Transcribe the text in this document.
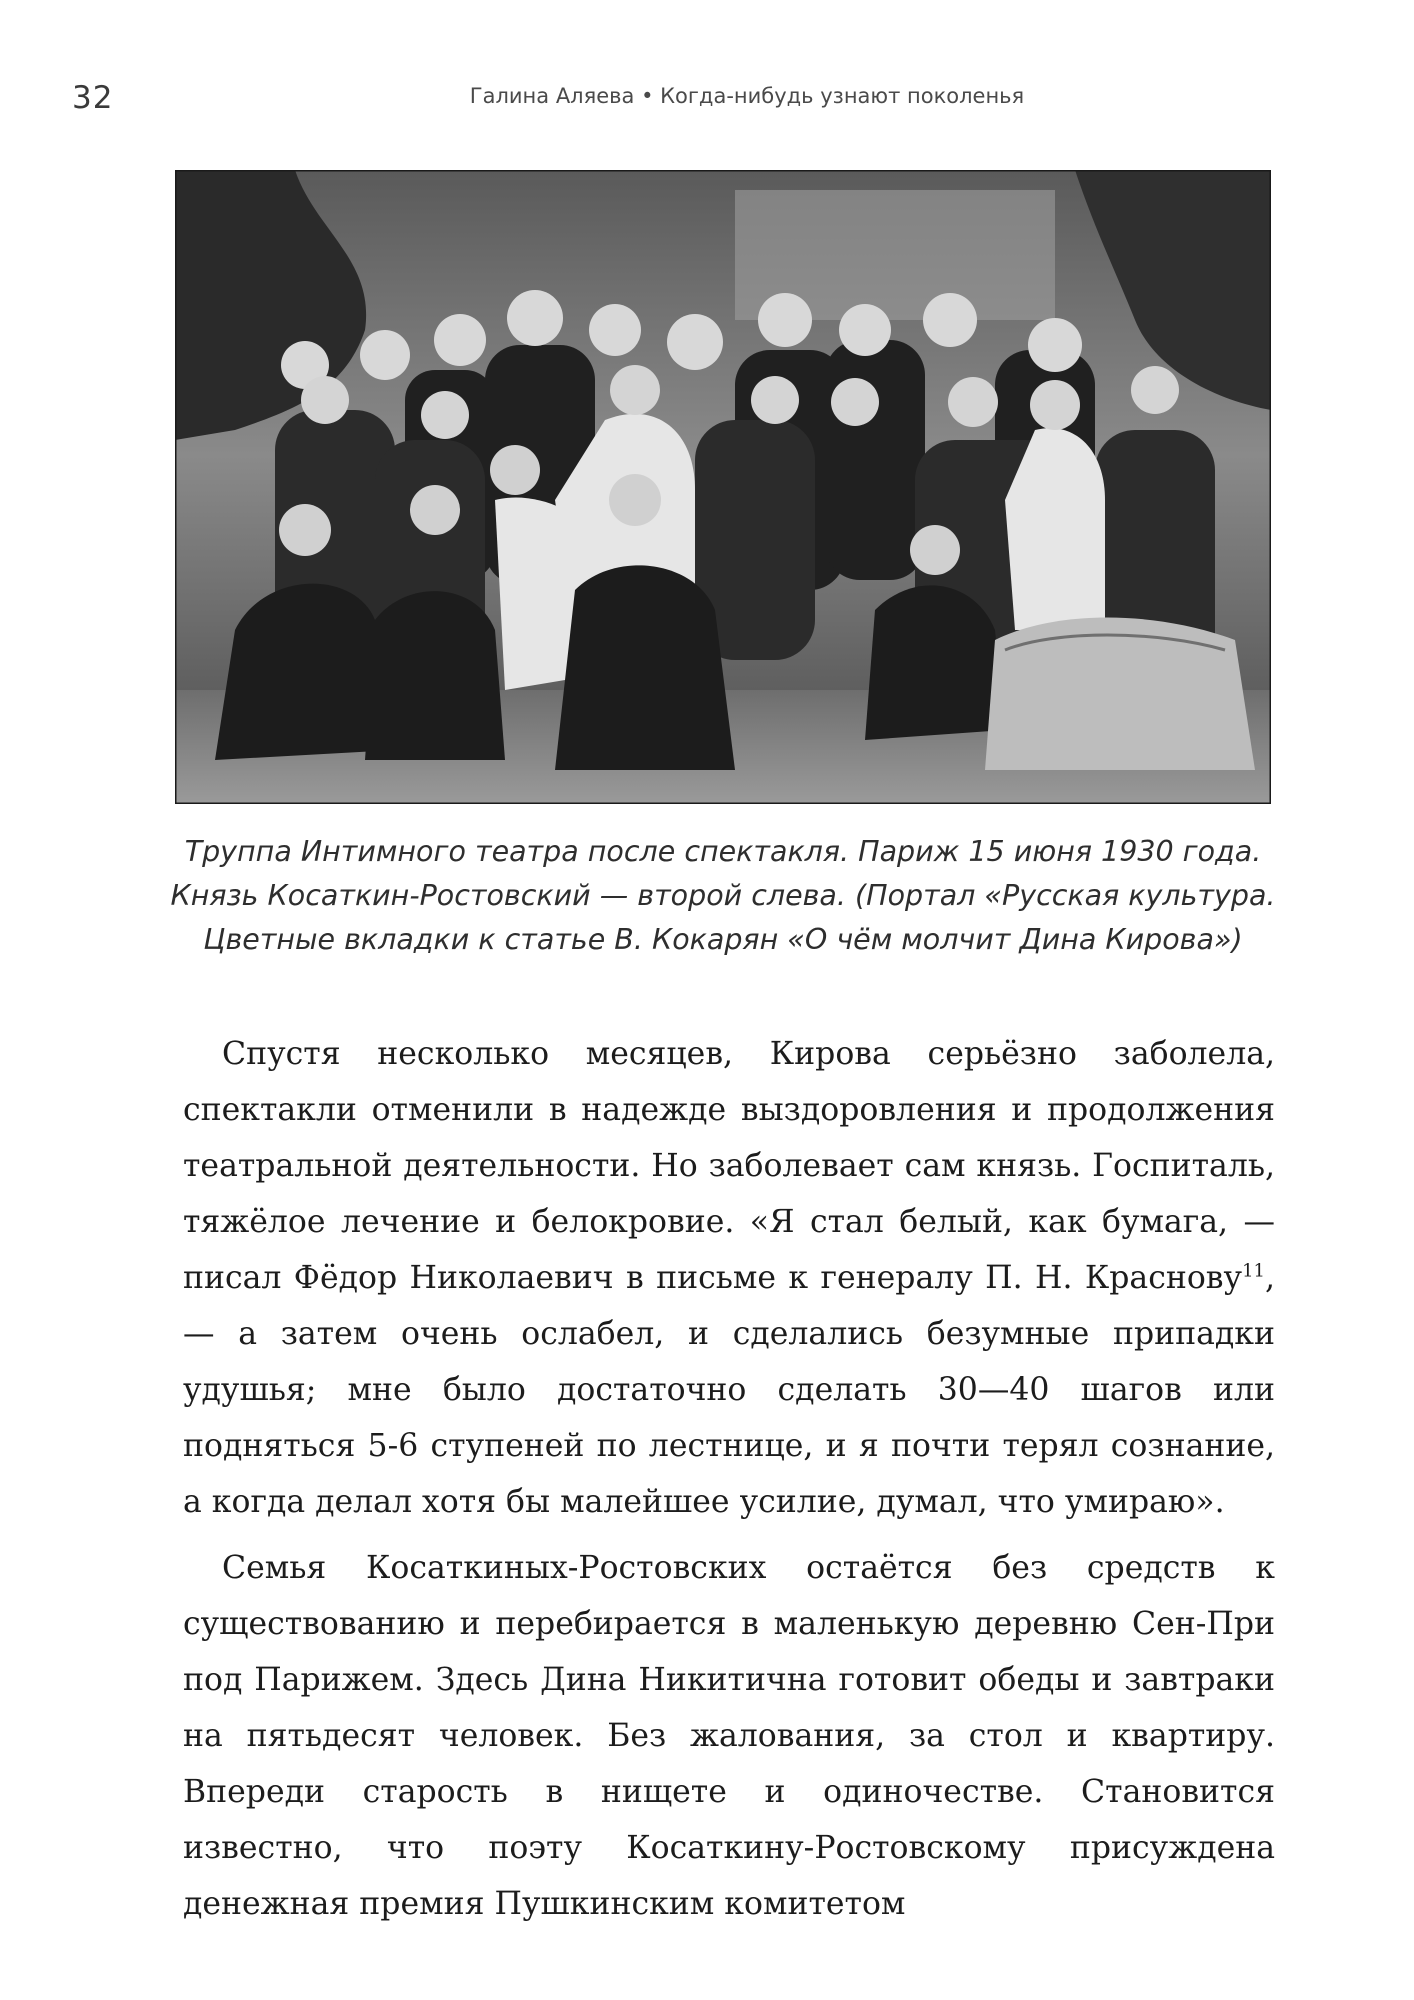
32	Галина Аляева • Когда-нибудь узнают поколенья
Труппа Интимного театра после спектакля. Париж 15 июня 1930 года. Князь Косаткин-Ростовский — второй слева. (Портал «Русская культура. Цветные вкладки к статье В. Кокарян «О чём молчит Дина Кирова»)

Спустя несколько месяцев, Кирова серьёзно заболела, спектакли отменили в надежде выздоровления и продолжения театральной деятельности. Но заболевает сам князь. Госпиталь, тяжёлое лечение и белокровие. «Я стал белый, как бумага, — писал Фёдор Николаевич в письме к генералу П. Н. Краснову$^{11}$, — а затем очень ослабел, и сделались безумные припадки удушья; мне было достаточно сделать 30—40 шагов или подняться 5-6 ступеней по лестнице, и я почти терял сознание, а когда делал хотя бы малейшее усилие, думал, что умираю».

Семья Косаткиных-Ростовских остаётся без средств к существованию и перебирается в маленькую деревню Сен-При под Парижем. Здесь Дина Никитична готовит обеды и завтраки на пятьдесят человек. Без жалования, за стол и квартиру. Впереди старость в нищете и одиночестве. Становится известно, что поэту Косаткину-Ростовскому присуждена денежная премия Пушкинским комитетом
